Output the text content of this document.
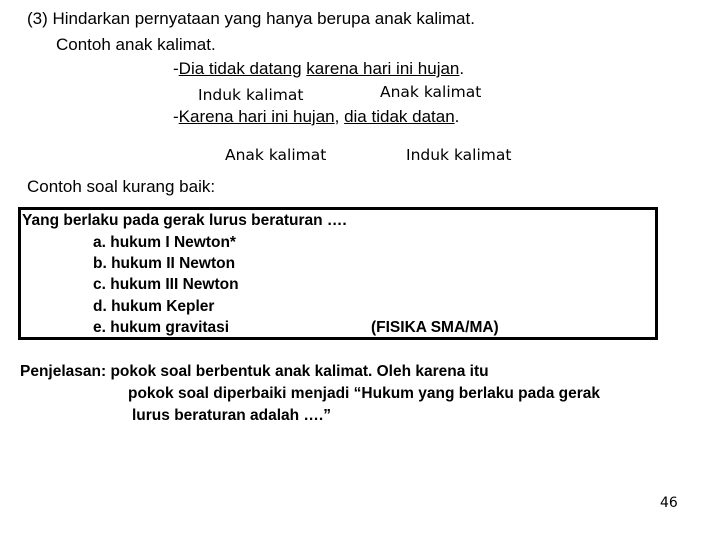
(3) Hindarkan pernyataan yang hanya berupa anak kalimat.
Contoh anak kalimat.
-Dia tidak datang karena hari ini hujan.
Induk kalimat	Anak kalimat
-Karena hari ini hujan, dia tidak datan.
Anak kalimat	Induk kalimat
Contoh soal kurang baik:
Yang berlaku pada gerak lurus beraturan ….
a. hukum I Newton*
b. hukum II Newton
c. hukum III Newton
d. hukum Kepler
e. hukum gravitasi	(FISIKA SMA/MA)
Penjelasan: pokok soal berbentuk anak kalimat. Oleh karena itu
pokok soal diperbaiki menjadi “Hukum yang berlaku pada gerak
lurus beraturan adalah ….”
46
